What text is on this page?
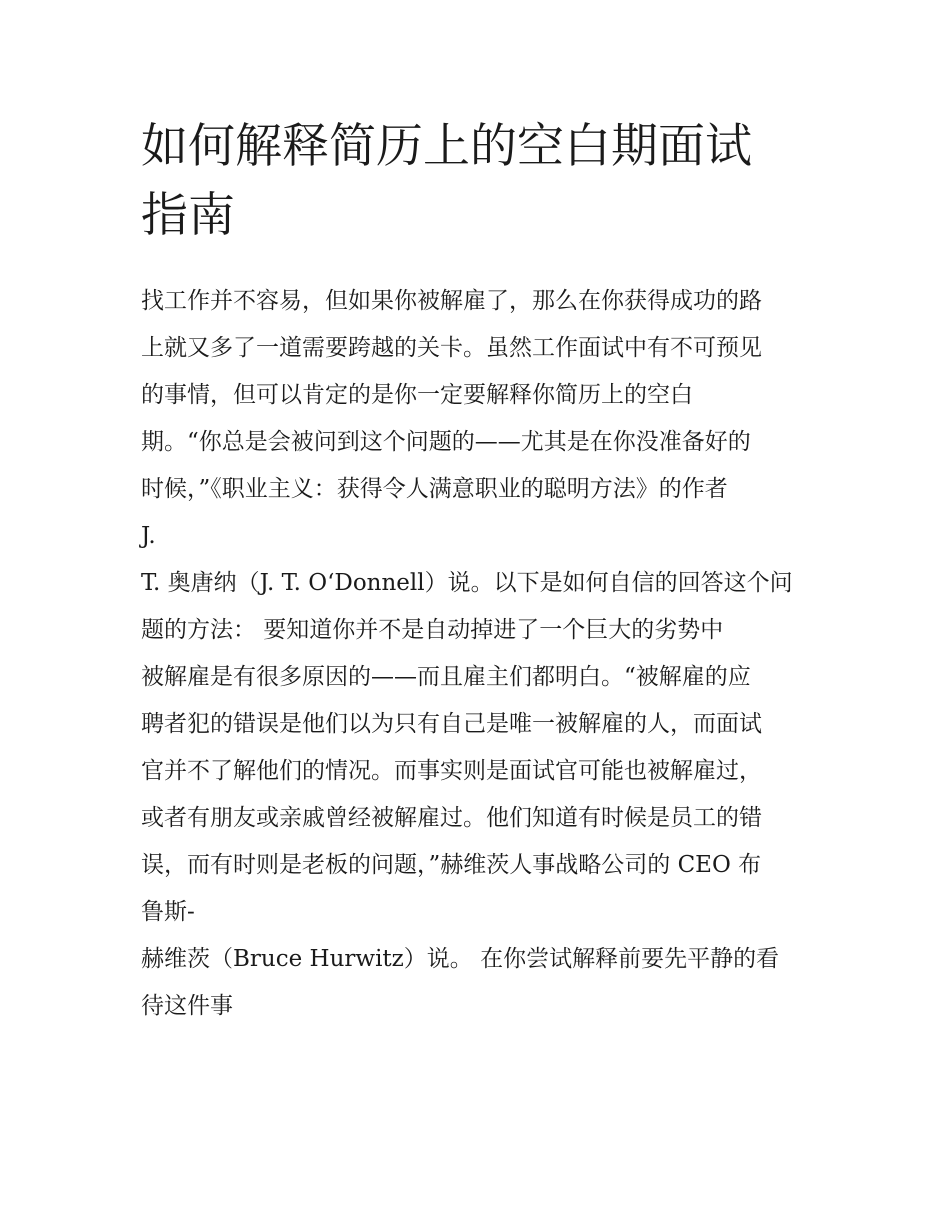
如何解释简历上的空白期面试
指南
找工作并不容易，但如果你被解雇了，那么在你获得成功的路
上就又多了一道需要跨越的关卡。虽然工作面试中有不可预见
的事情，但可以肯定的是你一定要解释你简历上的空白
期。“你总是会被问到这个问题的——尤其是在你没准备好的
时候，”《职业主义：获得令人满意职业的聪明方法》的作者
J.
T. 奥唐纳（J. T. O‘Donnell）说。以下是如何自信的回答这个问
题的方法： 要知道你并不是自动掉进了一个巨大的劣势中
被解雇是有很多原因的——而且雇主们都明白。“被解雇的应
聘者犯的错误是他们以为只有自己是唯一被解雇的人，而面试
官并不了解他们的情况。而事实则是面试官可能也被解雇过，
或者有朋友或亲戚曾经被解雇过。他们知道有时候是员工的错
误，而有时则是老板的问题，”赫维茨人事战略公司的 CEO 布
鲁斯-
赫维茨（Bruce Hurwitz）说。 在你尝试解释前要先平静的看
待这件事
